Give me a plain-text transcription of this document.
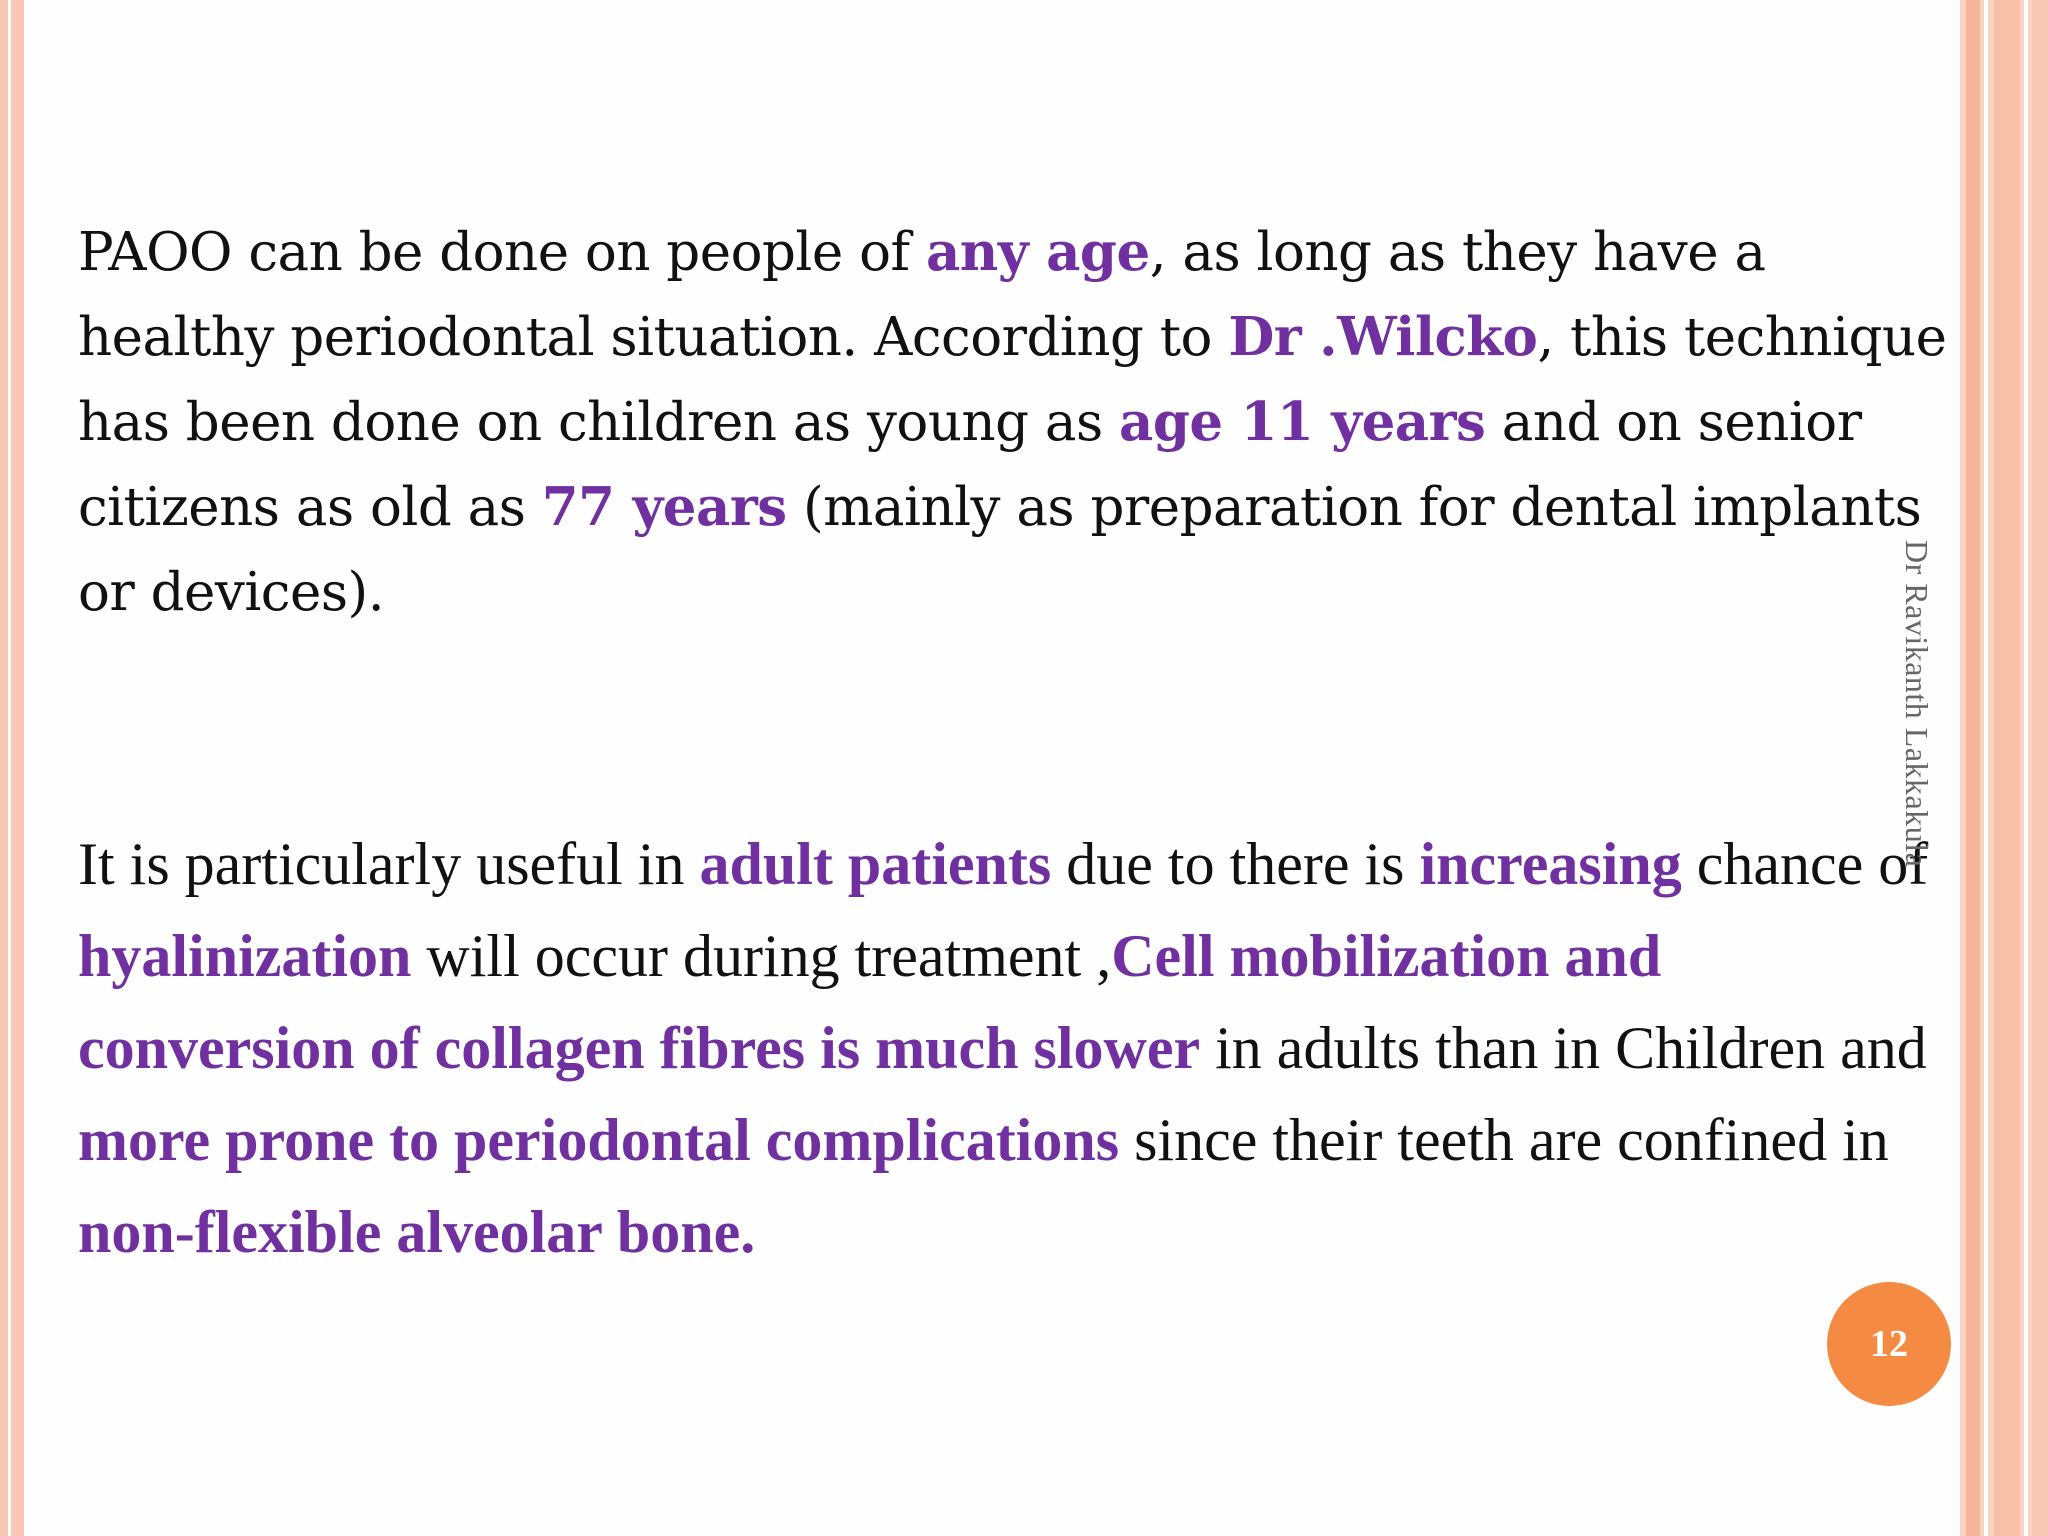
PAOO can be done on people of any age, as long as they have a healthy periodontal situation. According to Dr .Wilcko, this technique has been done on children as young as age 11 years and on senior citizens as old as 77 years (mainly as preparation for dental implants or devices).

It is particularly useful in adult patients due to there is increasing chance of hyalinization will occur during treatment ,Cell mobilization and conversion of collagen fibres is much slower in adults than in Children and more prone to periodontal complications since their teeth are confined in non-flexible alveolar bone.

Dr Ravikanth Lakkakula
12
